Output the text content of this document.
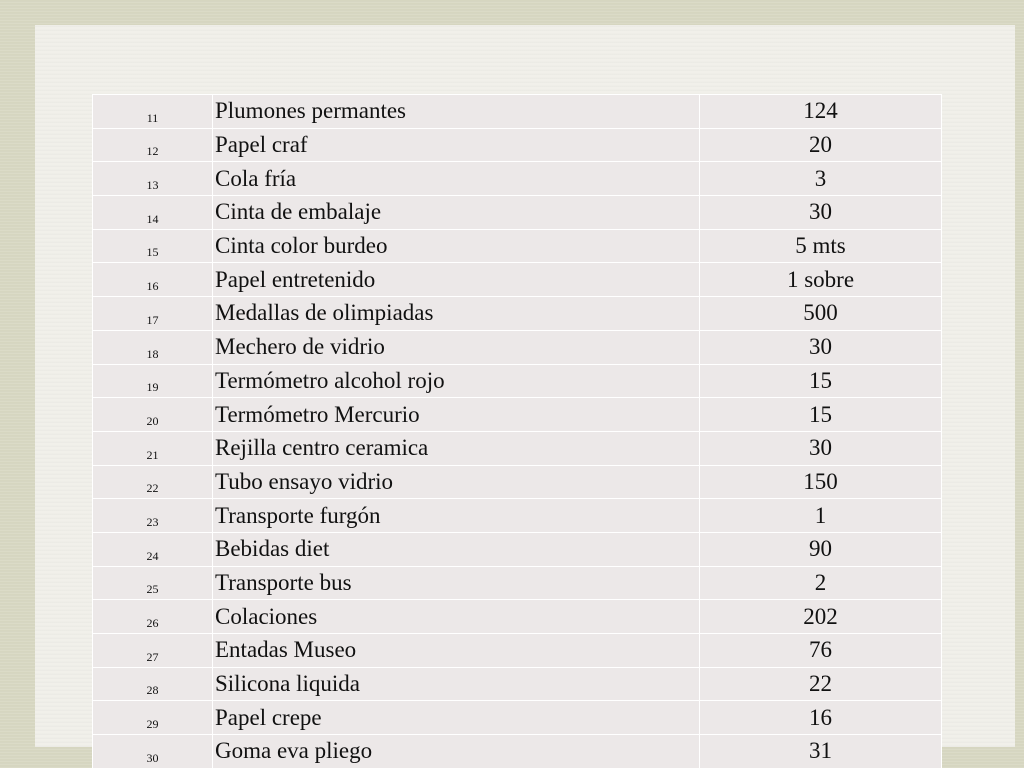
11	Plumones permantes	124
12	Papel craf	20
13	Cola fría	3
14	Cinta de embalaje	30
15	Cinta color burdeo	5 mts
16	Papel entretenido	1 sobre
17	Medallas de olimpiadas	500
18	Mechero de vidrio	30
19	Termómetro alcohol rojo	15
20	Termómetro Mercurio	15
21	Rejilla centro ceramica	30
22	Tubo ensayo vidrio	150
23	Transporte furgón	1
24	Bebidas diet	90
25	Transporte bus	2
26	Colaciones	202
27	Entadas Museo	76
28	Silicona liquida	22
29	Papel crepe	16
30	Goma eva pliego	31
